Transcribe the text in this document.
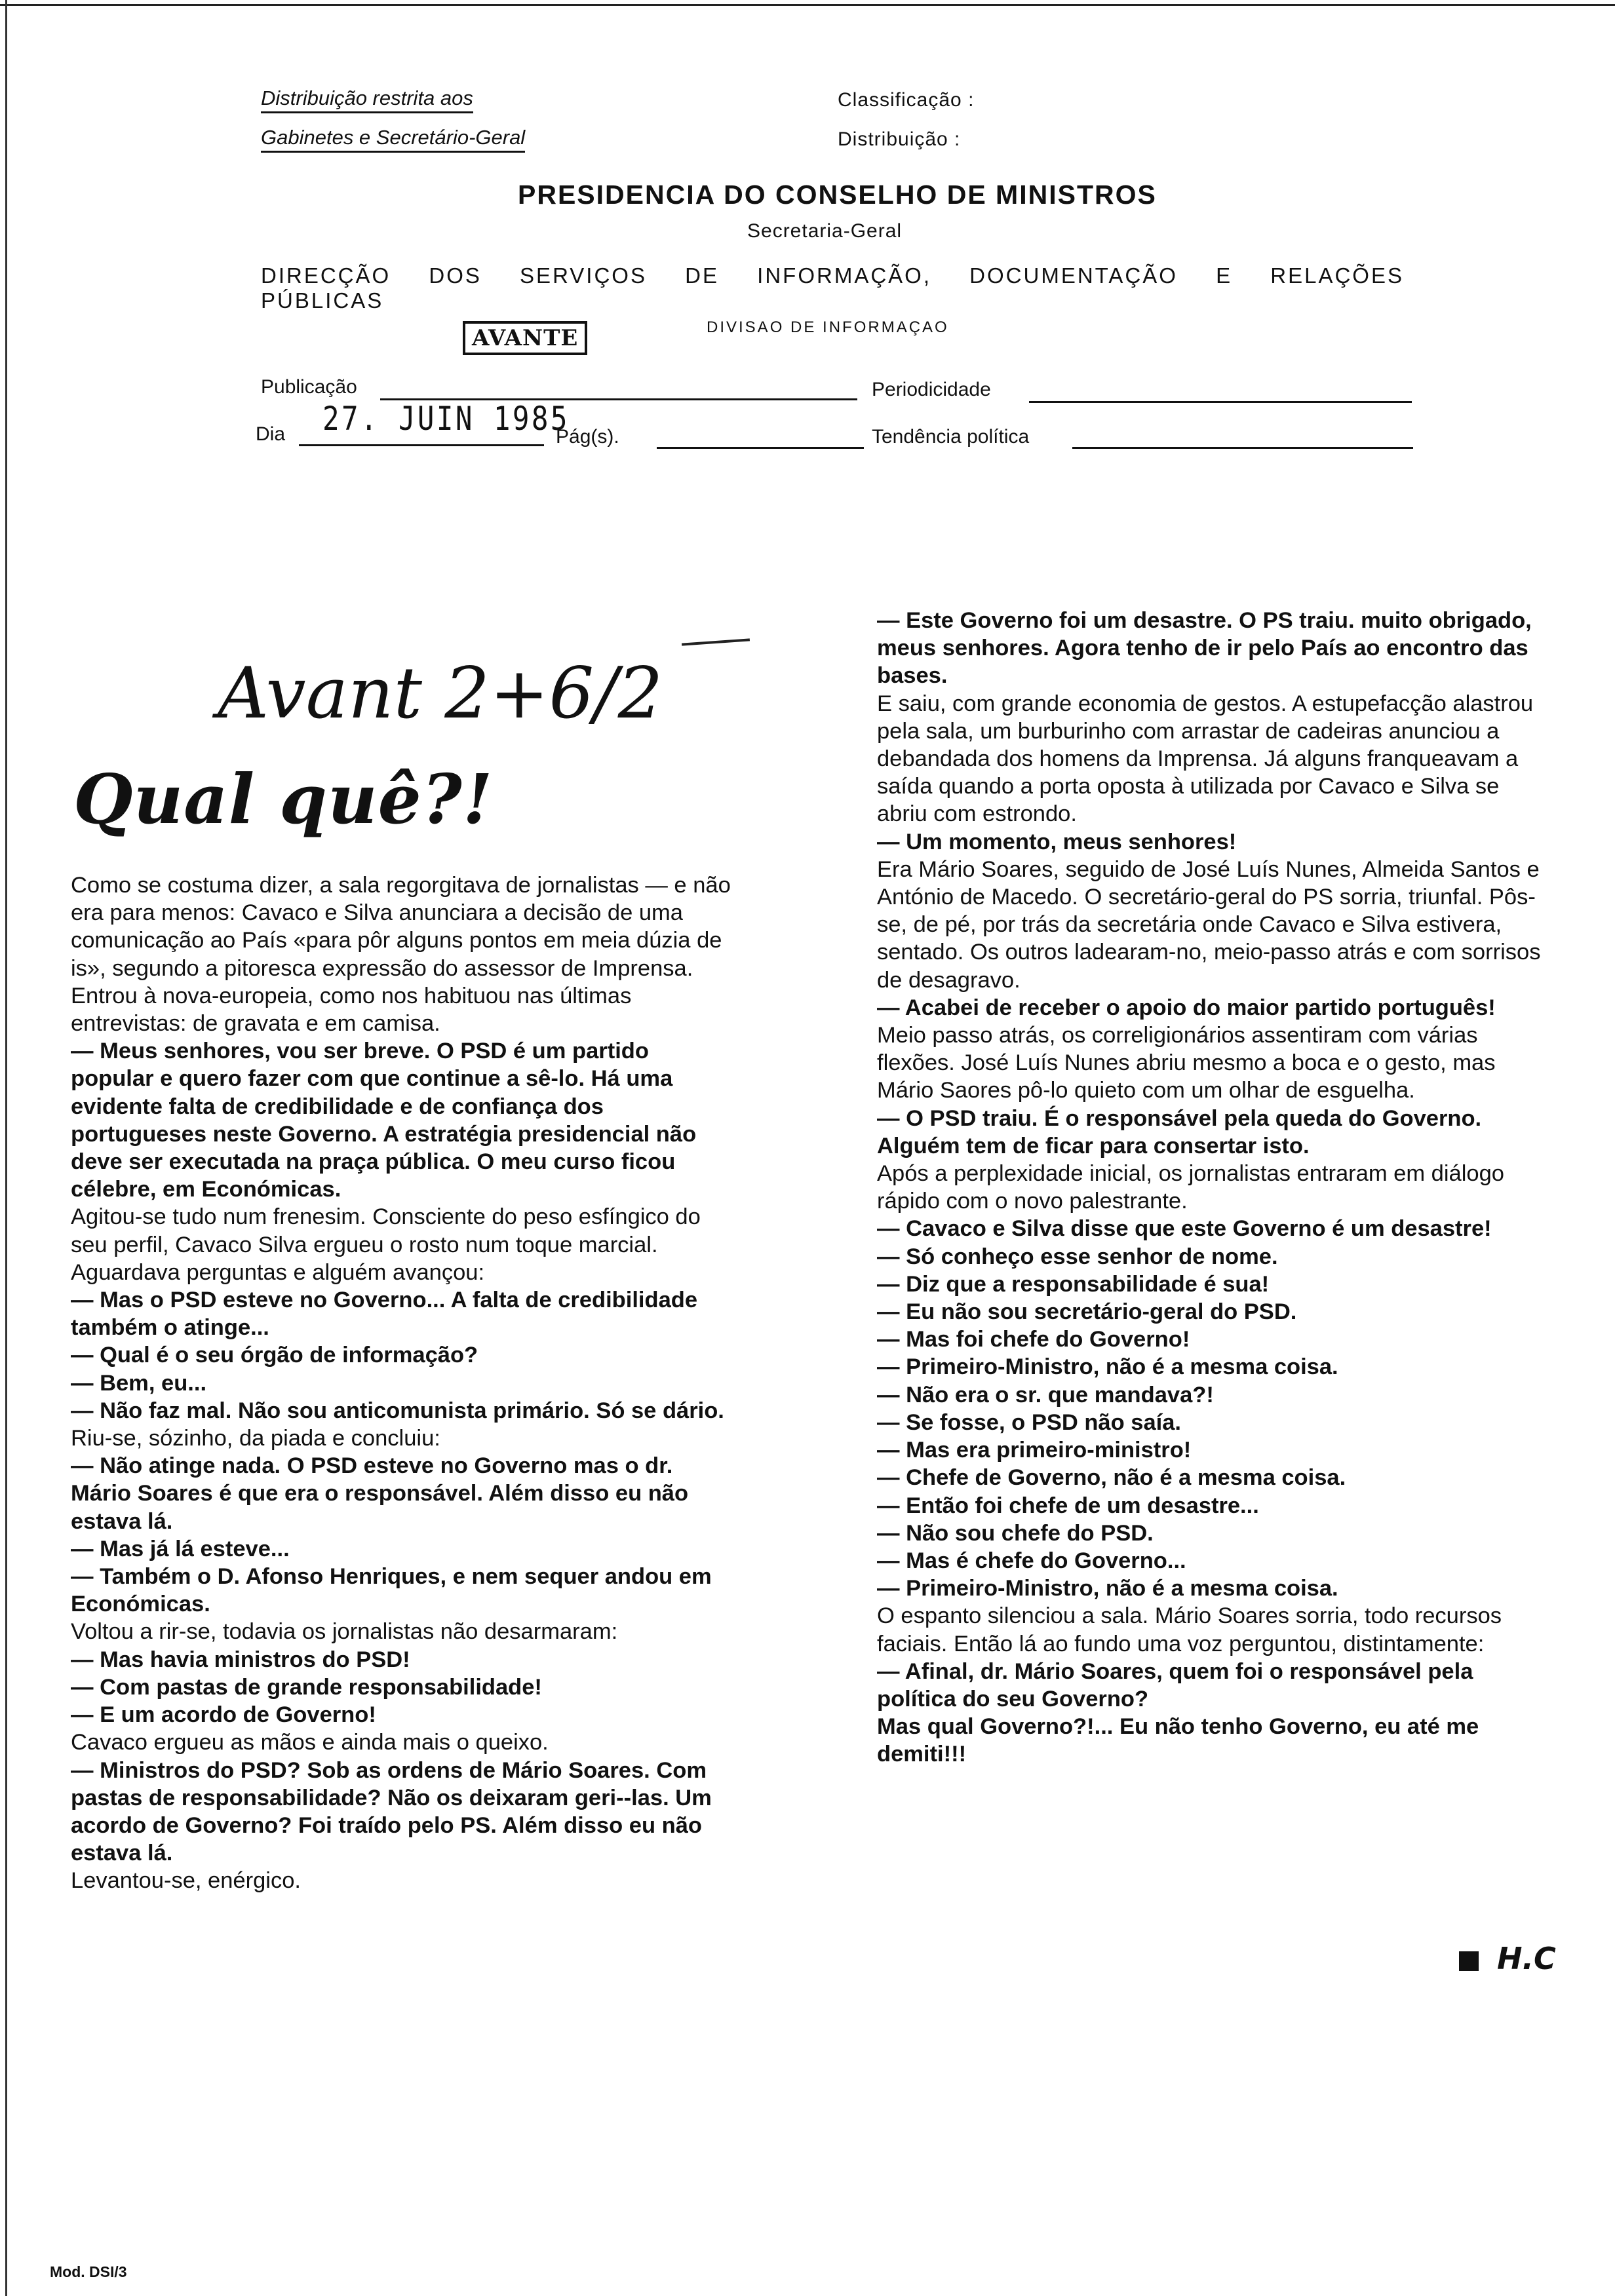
Distribuição restrita aos
Gabinetes e Secretário-Geral
Classificação :
Distribuição :
PRESIDENCIA DO CONSELHO DE MINISTROS
Secretaria-Geral
DIRECÇÃO DOS SERVIÇOS DE INFORMAÇÃO, DOCUMENTAÇÃO E RELAÇÕES PÚBLICAS
AVANTE	DIVISAO DE INFORMAÇAO
Publicação	Periodicidade
Dia 27. JUIN 1985
Pág(s).	Tendência política
Avant 2+6/2
Qual quê?!

Como se costuma dizer, a sala regorgitava de jornalistas — e não era para menos: Cavaco e Silva anunciara a decisão de uma comunicação ao País «para pôr alguns pontos em meia dúzia de is», segundo a pitoresca expressão do assessor de Imprensa. Entrou à nova-europeia, como nos habituou nas últimas entrevistas: de gravata e em camisa.

— Meus senhores, vou ser breve. O PSD é um partido popular e quero fazer com que continue a sê-lo. Há uma evidente falta de credibilidade e de confiança dos portugueses neste Governo. A estratégia presidencial não deve ser executada na praça pública. O meu curso ficou célebre, em Económicas.

Agitou-se tudo num frenesim. Consciente do peso esfíngico do seu perfil, Cavaco Silva ergueu o rosto num toque marcial. Aguardava perguntas e alguém avançou:

— Mas o PSD esteve no Governo... A falta de credibilidade também o atinge...

— Qual é o seu órgão de informação?

— Bem, eu...

— Não faz mal. Não sou anticomunista primário. Só se dário.

Riu-se, sózinho, da piada e concluiu:

— Não atinge nada. O PSD esteve no Governo mas o dr. Mário Soares é que era o responsável. Além disso eu não estava lá.

— Mas já lá esteve...

— Também o D. Afonso Henriques, e nem sequer andou em Económicas.

Voltou a rir-se, todavia os jornalistas não desarmaram:

— Mas havia ministros do PSD!

— Com pastas de grande responsabilidade!

— E um acordo de Governo!

Cavaco ergueu as mãos e ainda mais o queixo.

— Ministros do PSD? Sob as ordens de Mário Soares. Com pastas de responsabilidade? Não os deixaram geri--las. Um acordo de Governo? Foi traído pelo PS. Além disso eu não estava lá.

Levantou-se, enérgico.

— Este Governo foi um desastre. O PS traiu. muito obrigado, meus senhores. Agora tenho de ir pelo País ao encontro das bases.

E saiu, com grande economia de gestos. A estupefacção alastrou pela sala, um burburinho com arrastar de cadeiras anunciou a debandada dos homens da Imprensa. Já alguns franqueavam a saída quando a porta oposta à utilizada por Cavaco e Silva se abriu com estrondo.

— Um momento, meus senhores!

Era Mário Soares, seguido de José Luís Nunes, Almeida Santos e António de Macedo. O secretário-geral do PS sorria, triunfal. Pôs-se, de pé, por trás da secretária onde Cavaco e Silva estivera, sentado. Os outros ladearam-no, meio-passo atrás e com sorrisos de desagravo.

— Acabei de receber o apoio do maior partido português!

Meio passo atrás, os correligionários assentiram com várias flexões. José Luís Nunes abriu mesmo a boca e o gesto, mas Mário Saores pô-lo quieto com um olhar de esguelha.

— O PSD traiu. É o responsável pela queda do Governo. Alguém tem de ficar para consertar isto.

Após a perplexidade inicial, os jornalistas entraram em diálogo rápido com o novo palestrante.

— Cavaco e Silva disse que este Governo é um desastre!

— Só conheço esse senhor de nome.

— Diz que a responsabilidade é sua!

— Eu não sou secretário-geral do PSD.

— Mas foi chefe do Governo!

— Primeiro-Ministro, não é a mesma coisa.

— Não era o sr. que mandava?!

— Se fosse, o PSD não saía.

— Mas era primeiro-ministro!

— Chefe de Governo, não é a mesma coisa.

— Então foi chefe de um desastre...

— Não sou chefe do PSD.

— Mas é chefe do Governo...

— Primeiro-Ministro, não é a mesma coisa.

O espanto silenciou a sala. Mário Soares sorria, todo recursos faciais. Então lá ao fundo uma voz perguntou, distintamente:

— Afinal, dr. Mário Soares, quem foi o responsável pela política do seu Governo?

Mas qual Governo?!... Eu não tenho Governo, eu até me demiti!!!

H.C
Mod. DSI/3
